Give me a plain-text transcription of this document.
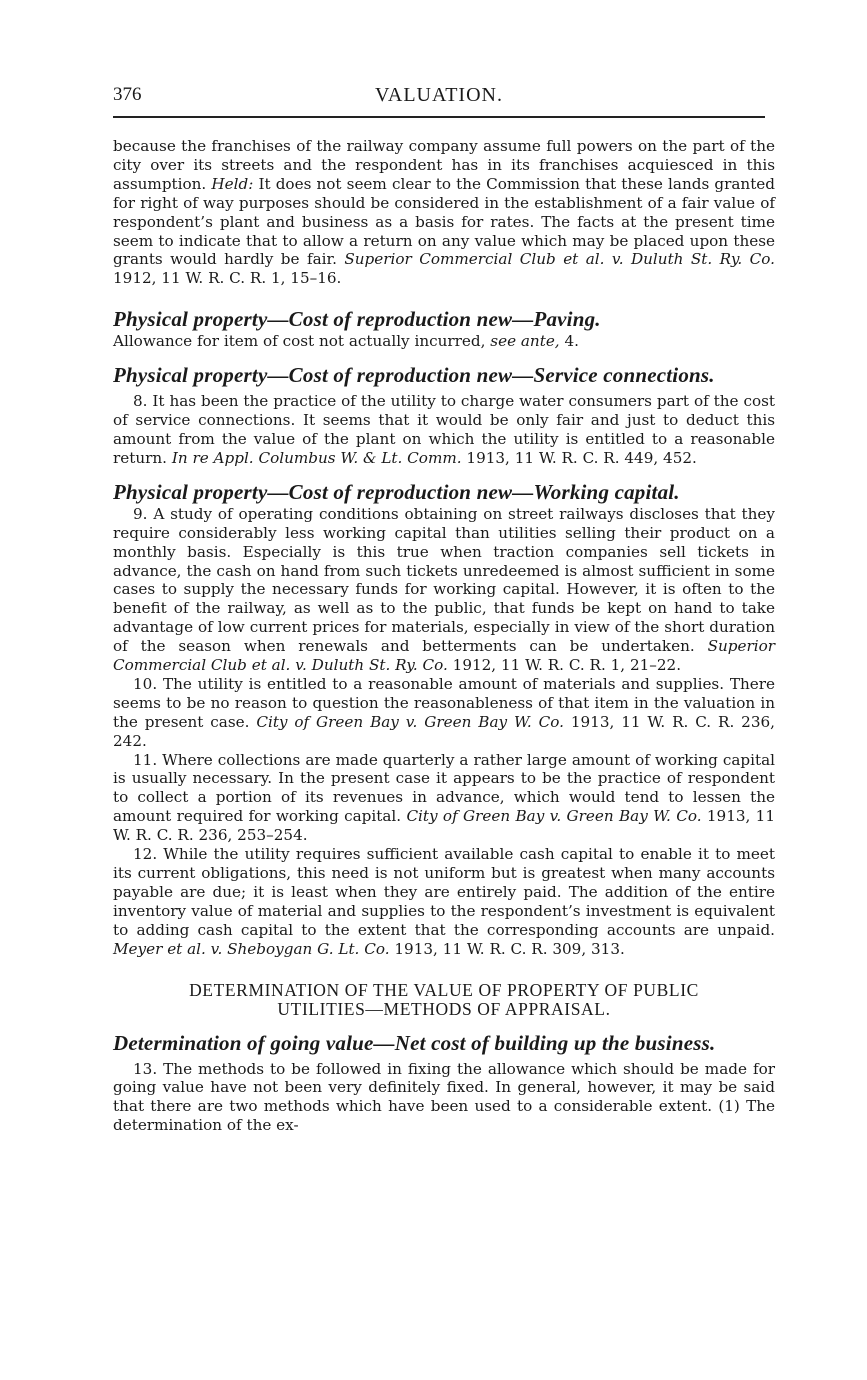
376	VALUATION.

because the franchises of the railway company assume full powers on the part of the city over its streets and the respondent has in its franchises acquiesced in this assumption. Held: It does not seem clear to the Commission that these lands granted for right of way purposes should be considered in the establishment of a fair value of respondent’s plant and business as a basis for rates. The facts at the present time seem to indicate that to allow a return on any value which may be placed upon these grants would hardly be fair. Superior Commercial Club et al. v. Duluth St. Ry. Co. 1912, 11 W. R. C. R. 1, 15–16.

Physical property—Cost of reproduction new—Paving.

Allowance for item of cost not actually incurred, see ante, 4.

Physical property—Cost of reproduction new—Service connections.

8. It has been the practice of the utility to charge water consumers part of the cost of service connections. It seems that it would be only fair and just to deduct this amount from the value of the plant on which the utility is entitled to a reasonable return. In re Appl. Columbus W. & Lt. Comm. 1913, 11 W. R. C. R. 449, 452.

Physical property—Cost of reproduction new—Working capital.

9. A study of operating conditions obtaining on street railways discloses that they require considerably less working capital than utilities selling their product on a monthly basis. Especially is this true when traction companies sell tickets in advance, the cash on hand from such tickets unredeemed is almost sufficient in some cases to supply the necessary funds for working capital. However, it is often to the benefit of the railway, as well as to the public, that funds be kept on hand to take advantage of low current prices for materials, especially in view of the short duration of the season when renewals and betterments can be undertaken. Superior Commercial Club et al. v. Duluth St. Ry. Co. 1912, 11 W. R. C. R. 1, 21–22.

10. The utility is entitled to a reasonable amount of materials and supplies. There seems to be no reason to question the reasonableness of that item in the valuation in the present case. City of Green Bay v. Green Bay W. Co. 1913, 11 W. R. C. R. 236, 242.

11. Where collections are made quarterly a rather large amount of working capital is usually necessary. In the present case it appears to be the practice of respondent to collect a portion of its revenues in advance, which would tend to lessen the amount required for working capital. City of Green Bay v. Green Bay W. Co. 1913, 11 W. R. C. R. 236, 253–254.

12. While the utility requires sufficient available cash capital to enable it to meet its current obligations, this need is not uniform but is greatest when many accounts payable are due; it is least when they are entirely paid. The addition of the entire inventory value of material and supplies to the respondent’s investment is equivalent to adding cash capital to the extent that the corresponding accounts are unpaid. Meyer et al. v. Sheboygan G. Lt. Co. 1913, 11 W. R. C. R. 309, 313.

DETERMINATION OF THE VALUE OF PROPERTY OF PUBLIC

UTILITIES—METHODS OF APPRAISAL.

Determination of going value—Net cost of building up the business.

13. The methods to be followed in fixing the allowance which should be made for going value have not been very definitely fixed. In general, however, it may be said that there are two methods which have been used to a considerable extent. (1) The determination of the ex-
